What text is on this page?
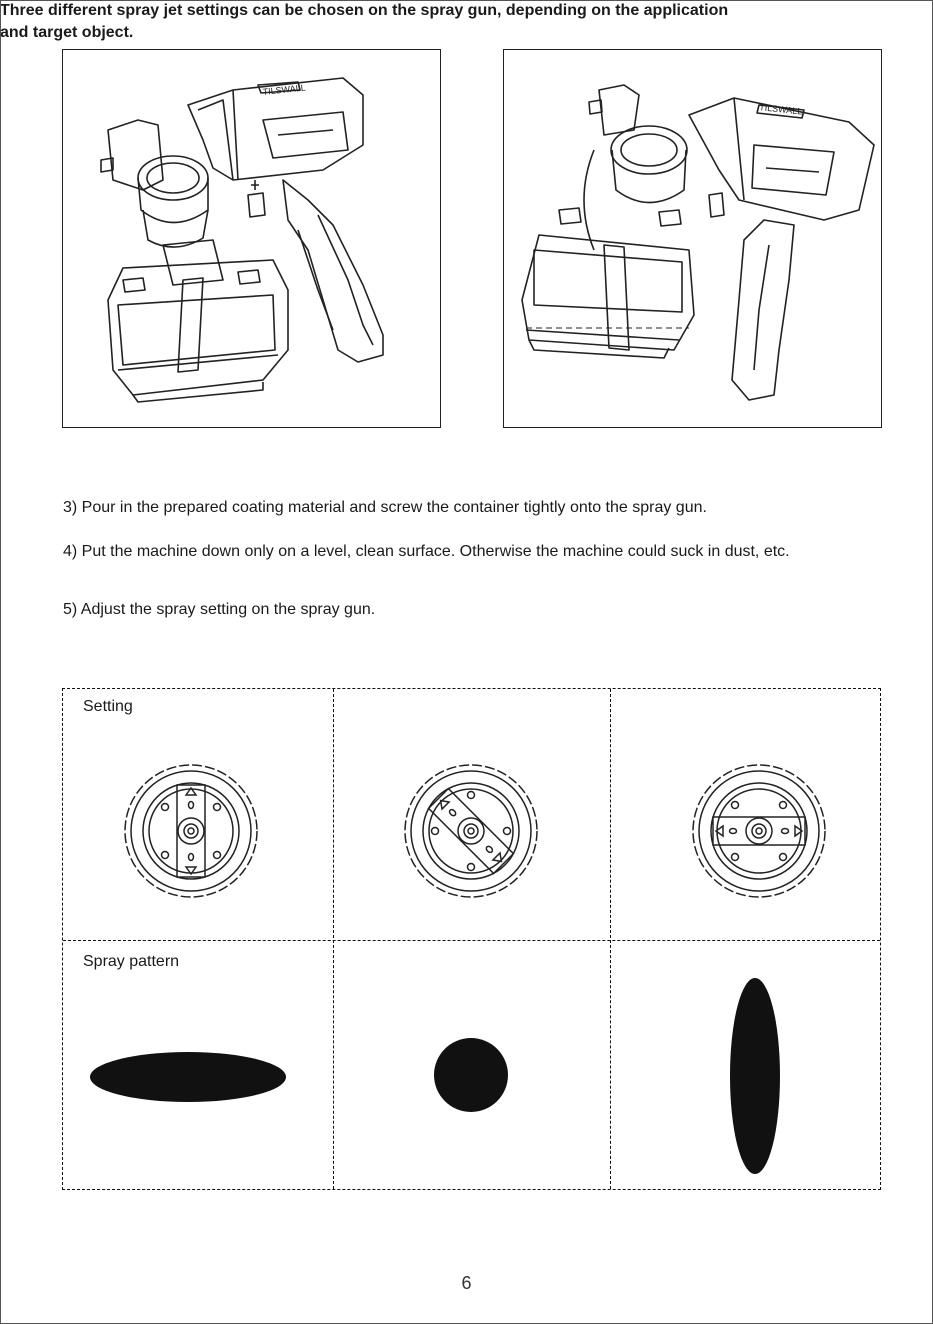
TILSWALL
TILSWALL
3) Pour in the prepared coating material and screw the container tightly onto the spray gun.
4) Put the machine down only on a level, clean surface. Otherwise the machine could suck in dust, etc.
5) Adjust the spray setting on the spray gun.
Three different spray jet settings can be chosen on the spray gun, depending on the application
and target object.
Setting
Spray pattern
6
